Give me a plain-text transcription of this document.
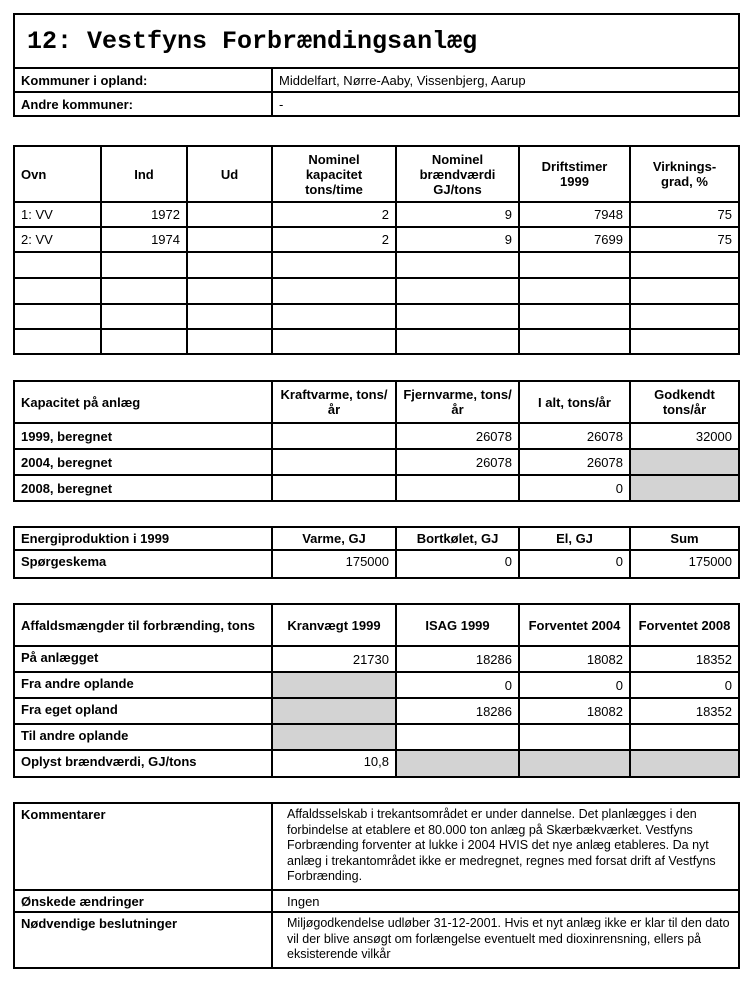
12: Vestfyns Forbrændingsanlæg	
Kommuner i opland:	Middelfart, Nørre-Aaby, Vissenbjerg, Aarup
Andre kommuner:	-
Ovn	Ind	Ud	Nominel kapacitet tons/time	Nominel brændværdi GJ/tons	Driftstimer 1999	Virknings-grad, %
1: VV	1972		2	9	7948	75
2: VV	1974		2	9	7699	75

Kapacitet på anlæg	Kraftvarme, tons/år	Fjernvarme, tons/år	I alt, tons/år	Godkendt tons/år
1999, beregnet		26078	26078	32000
2004, beregnet		26078	26078	
2008, beregnet			0	
Energiproduktion i 1999	Varme, GJ	Bortkølet, GJ	El, GJ	Sum
Spørgeskema	175000	0	0	175000
Affaldsmængder til forbrænding, tons	Kranvægt 1999	ISAG 1999	Forventet 2004	Forventet 2008
På anlægget	21730	18286	18082	18352
Fra andre oplande		0	0	0
Fra eget opland		18286	18082	18352
Til andre oplande				
Oplyst brændværdi, GJ/tons	10,8			
Kommentarer	Affaldsselskab i trekantsområdet er under dannelse. Det planlægges i den forbindelse at etablere et 80.000 ton anlæg på Skærbækværket. Vestfyns Forbrænding forventer at lukke i 2004 HVIS det nye anlæg etableres. Da nyt anlæg i trekantområdet ikke er medregnet, regnes med forsat drift af Vestfyns Forbrænding.
Ønskede ændringer	Ingen
Nødvendige beslutninger	Miljøgodkendelse udløber 31-12-2001. Hvis et nyt anlæg ikke er klar til den dato vil der blive ansøgt om forlængelse eventuelt med dioxinrensning, ellers på eksisterende vilkår
